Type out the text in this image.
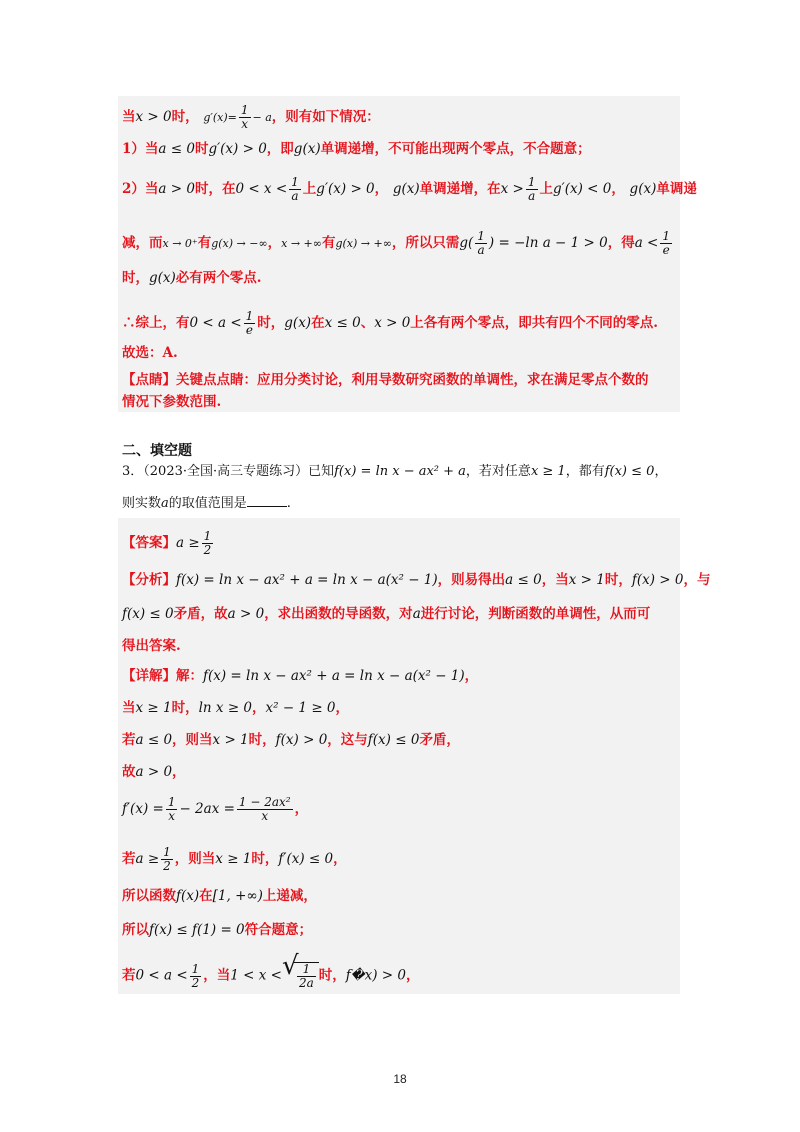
当x > 0时， $g'(x)= \frac{1}{x} - a$，则有如下情况：
1）当a ≤ 0时g′(x) > 0，即g(x)单调递增，不可能出现两个零点，不合题意；
2）当a > 0时，在$0 < x < \frac{1}{a}$ 上g′(x) > 0， g(x)单调递增，在$x > \frac{1}{a}$ 上g′(x) < 0， g(x)单调递
减，而x → 0⁺有g(x) → −∞，x → +∞有g(x) → +∞，所以只需$g( \frac{1}{a}$ ) = −ln a − 1 > 0，得$a < \frac{1}{e}$
时，g(x)必有两个零点.
∴综上，有$0 < a < \frac{1}{e}$ 时，g(x)在x ≤ 0、x > 0上各有两个零点，即共有四个不同的零点.
故选：A.
【点睛】关键点点睛：应用分类讨论，利用导数研究函数的单调性，求在满足零点个数的
情况下参数范围.
二、填空题
3．（2023·全国·高三专题练习）已知f(x) = ln x − ax² + a，若对任意x ≥ 1，都有f(x) ≤ 0，
则实数a的取值范围是	.
【答案】$a \ge \frac{1}{2}$
【分析】f(x) = ln x − ax² + a = ln x − a(x² − 1)，则易得出a ≤ 0，当x > 1时，f(x) > 0，与
f(x) ≤ 0矛盾，故a > 0，求出函数的导函数，对a进行讨论，判断函数的单调性，从而可
得出答案.
【详解】解：f(x) = ln x − ax² + a = ln x − a(x² − 1)，
当x ≥ 1时，ln x ≥ 0，x² − 1 ≥ 0，
若a ≤ 0，则当x > 1时，f(x) > 0，这与f(x) ≤ 0矛盾，
故a > 0，
$f'(x) = \frac{1}{x} - 2ax = \frac{\text{1 − 2ax²}}{x}$ ，
若$a \ge \frac{1}{2}$ ，则当x ≥ 1时，f′(x) ≤ 0，
所以函数f(x)在[1, +∞)上递减，
所以f(x) ≤ f(1) = 0符合题意；
若$0 < a < \frac{1}{2}$ ，当1 < x < √
$\frac{1}{2a}$ 时，f�x) > 0，
18
